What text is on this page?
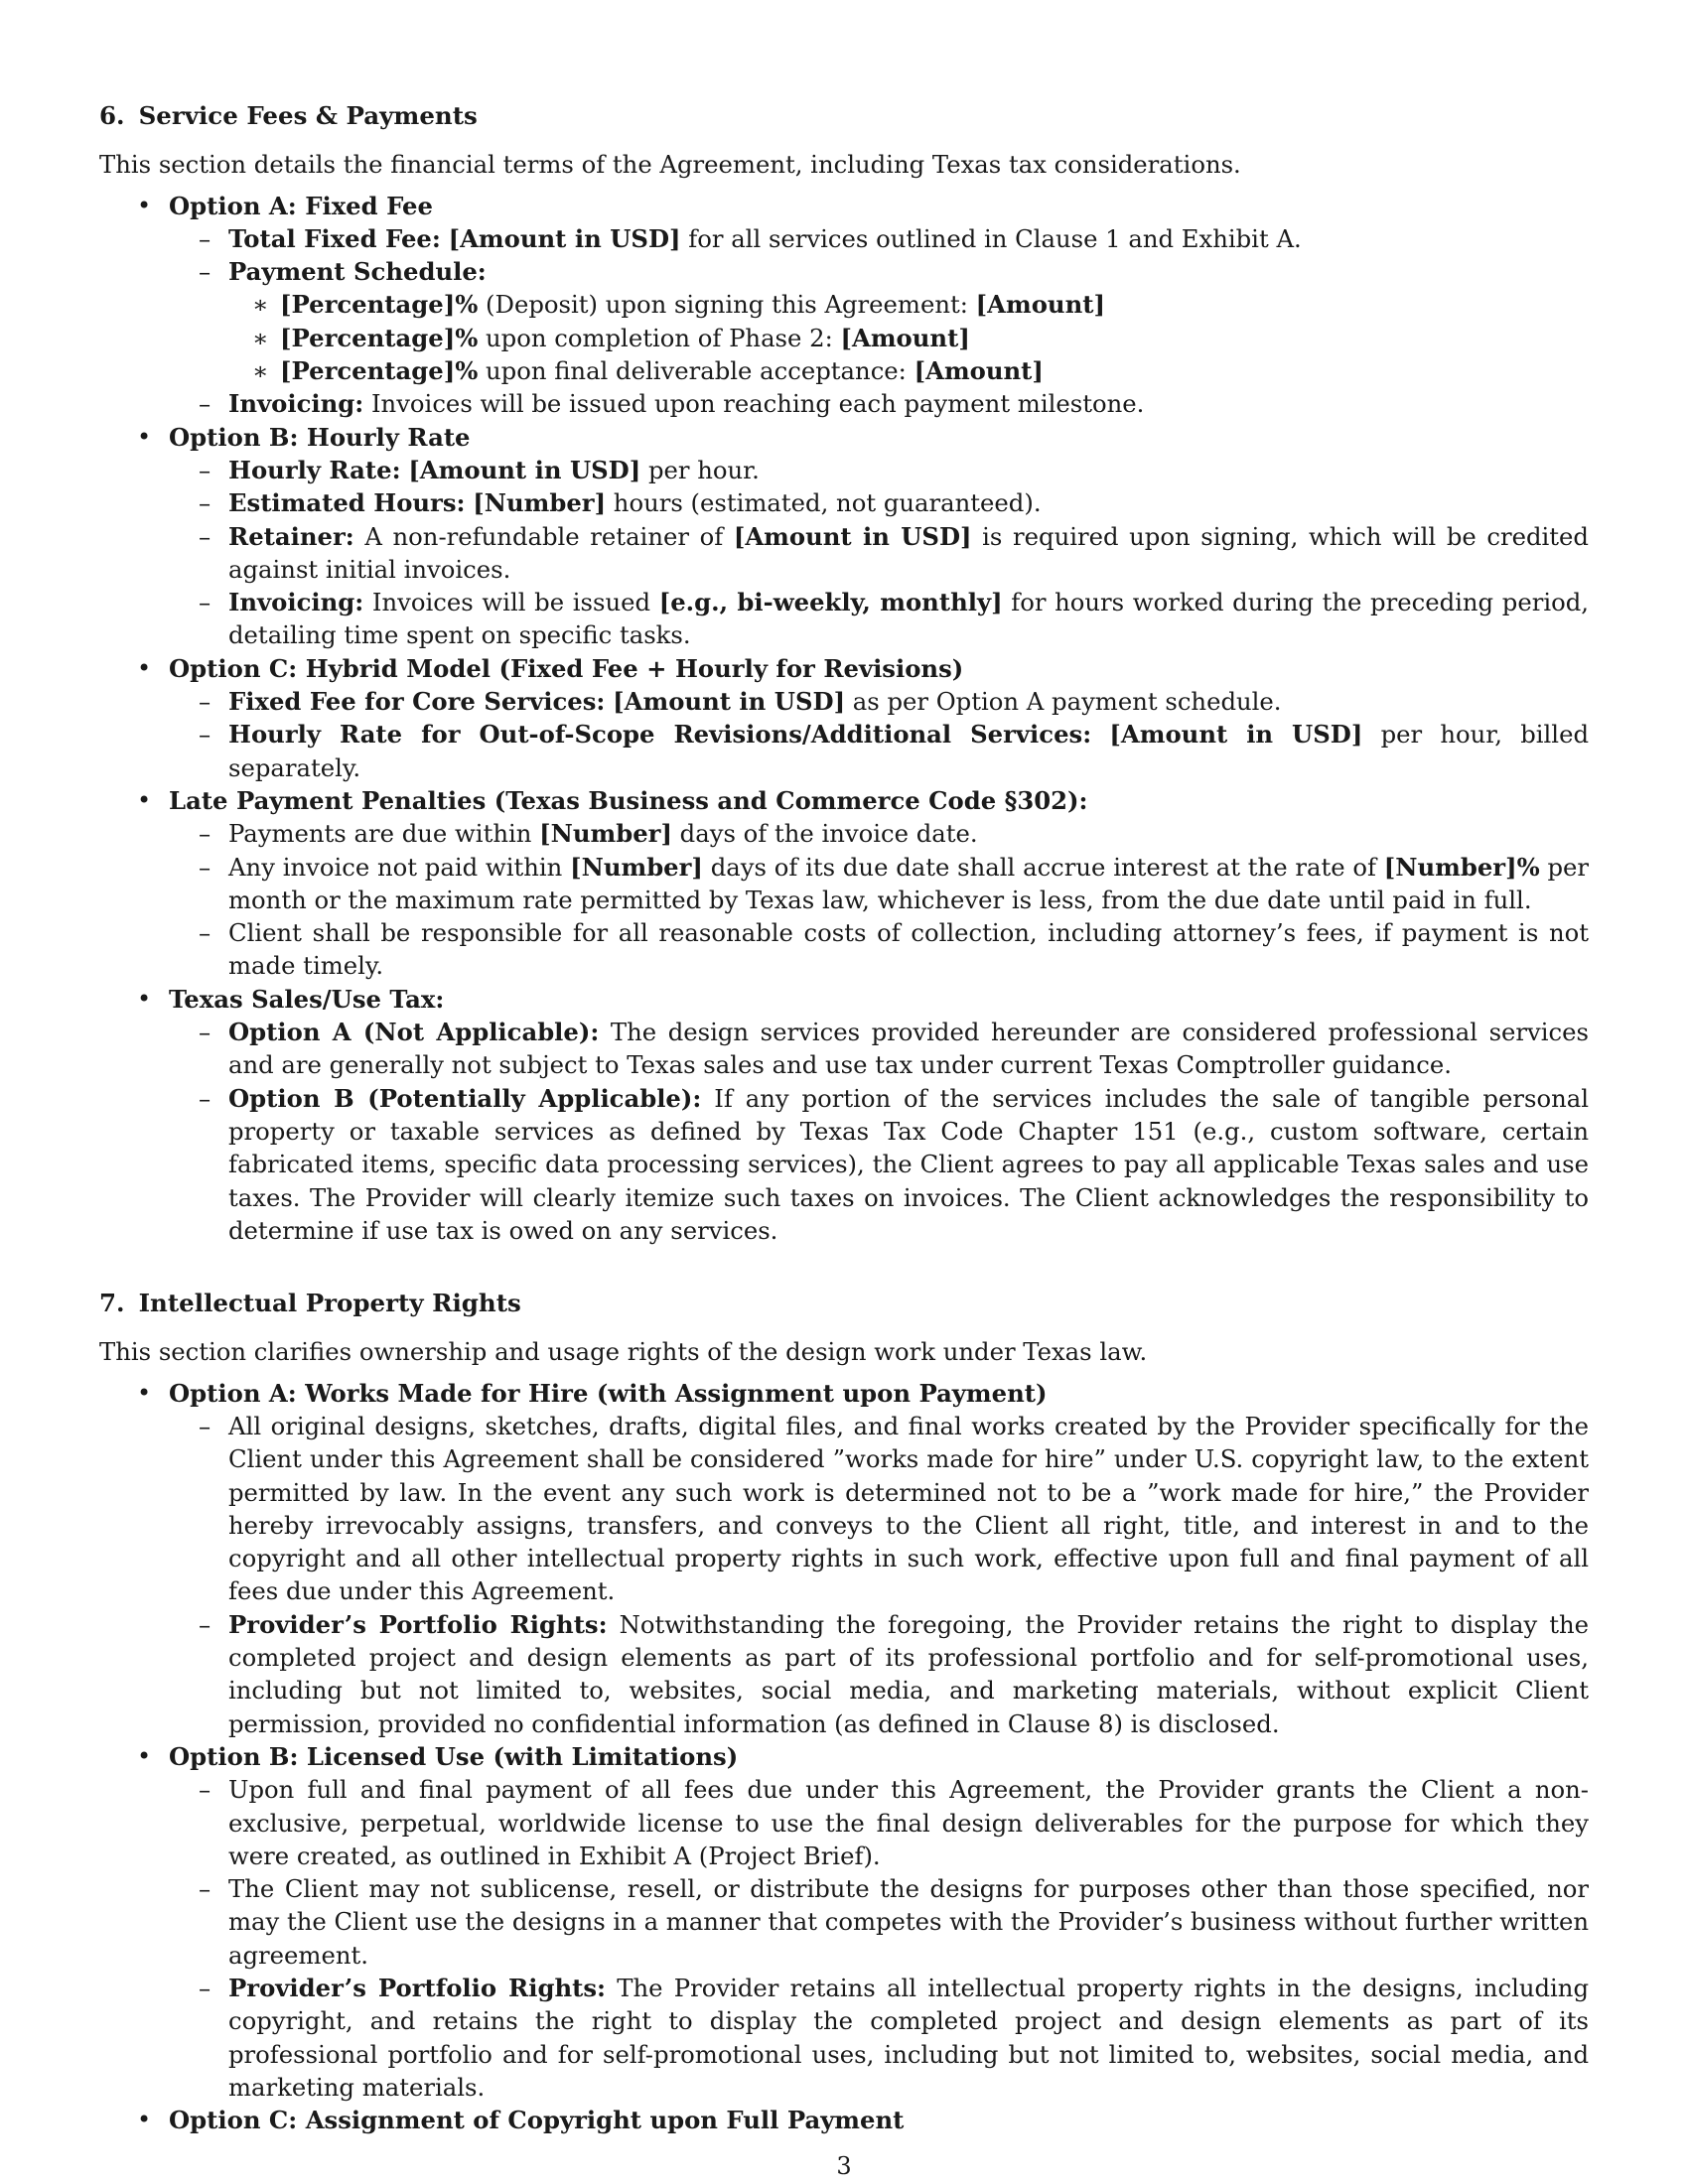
6. Service Fees & Payments

This section details the financial terms of the Agreement, including Texas tax considerations.

• Option A: Fixed Fee
– Total Fixed Fee: [Amount in USD] for all services outlined in Clause 1 and Exhibit A.
– Payment Schedule:
∗ [Percentage]% (Deposit) upon signing this Agreement: [Amount]
∗ [Percentage]% upon completion of Phase 2: [Amount]
∗ [Percentage]% upon final deliverable acceptance: [Amount]
– Invoicing: Invoices will be issued upon reaching each payment milestone.
• Option B: Hourly Rate
– Hourly Rate: [Amount in USD] per hour.
– Estimated Hours: [Number] hours (estimated, not guaranteed).
– Retainer: A non-refundable retainer of [Amount in USD] is required upon signing, which will be credited against initial invoices.
– Invoicing: Invoices will be issued [e.g., bi-weekly, monthly] for hours worked during the preceding period, detailing time spent on specific tasks.
• Option C: Hybrid Model (Fixed Fee + Hourly for Revisions)
– Fixed Fee for Core Services: [Amount in USD] as per Option A payment schedule.
– Hourly Rate for Out-of-Scope Revisions/Additional Services: [Amount in USD] per hour, billed separately.
• Late Payment Penalties (Texas Business and Commerce Code §302):
– Payments are due within [Number] days of the invoice date.
– Any invoice not paid within [Number] days of its due date shall accrue interest at the rate of [Number]% per month or the maximum rate permitted by Texas law, whichever is less, from the due date until paid in full.
– Client shall be responsible for all reasonable costs of collection, including attorney’s fees, if payment is not made timely.
• Texas Sales/Use Tax:
– Option A (Not Applicable): The design services provided hereunder are considered professional services and are generally not subject to Texas sales and use tax under current Texas Comptroller guidance.
– Option B (Potentially Applicable): If any portion of the services includes the sale of tangible personal property or taxable services as defined by Texas Tax Code Chapter 151 (e.g., custom software, certain fabricated items, specific data processing services), the Client agrees to pay all applicable Texas sales and use taxes. The Provider will clearly itemize such taxes on invoices. The Client acknowledges the responsibility to determine if use tax is owed on any services.
7. Intellectual Property Rights

This section clarifies ownership and usage rights of the design work under Texas law.

• Option A: Works Made for Hire (with Assignment upon Payment)
– All original designs, sketches, drafts, digital files, and final works created by the Provider specifically for the Client under this Agreement shall be considered ”works made for hire” under U.S. copyright law, to the extent permitted by law. In the event any such work is determined not to be a ”work made for hire,” the Provider hereby irrevocably assigns, transfers, and conveys to the Client all right, title, and interest in and to the copyright and all other intellectual property rights in such work, effective upon full and final payment of all fees due under this Agreement.
– Provider’s Portfolio Rights: Notwithstanding the foregoing, the Provider retains the right to display the completed project and design elements as part of its professional portfolio and for self-promotional uses, including but not limited to, websites, social media, and marketing materials, without explicit Client permission, provided no confidential information (as defined in Clause 8) is disclosed.
• Option B: Licensed Use (with Limitations)
– Upon full and final payment of all fees due under this Agreement, the Provider grants the Client a non-exclusive, perpetual, worldwide license to use the final design deliverables for the purpose for which they were created, as outlined in Exhibit A (Project Brief).
– The Client may not sublicense, resell, or distribute the designs for purposes other than those specified, nor may the Client use the designs in a manner that competes with the Provider’s business without further written agreement.
– Provider’s Portfolio Rights: The Provider retains all intellectual property rights in the designs, including copyright, and retains the right to display the completed project and design elements as part of its professional portfolio and for self-promotional uses, including but not limited to, websites, social media, and marketing materials.
• Option C: Assignment of Copyright upon Full Payment
3
